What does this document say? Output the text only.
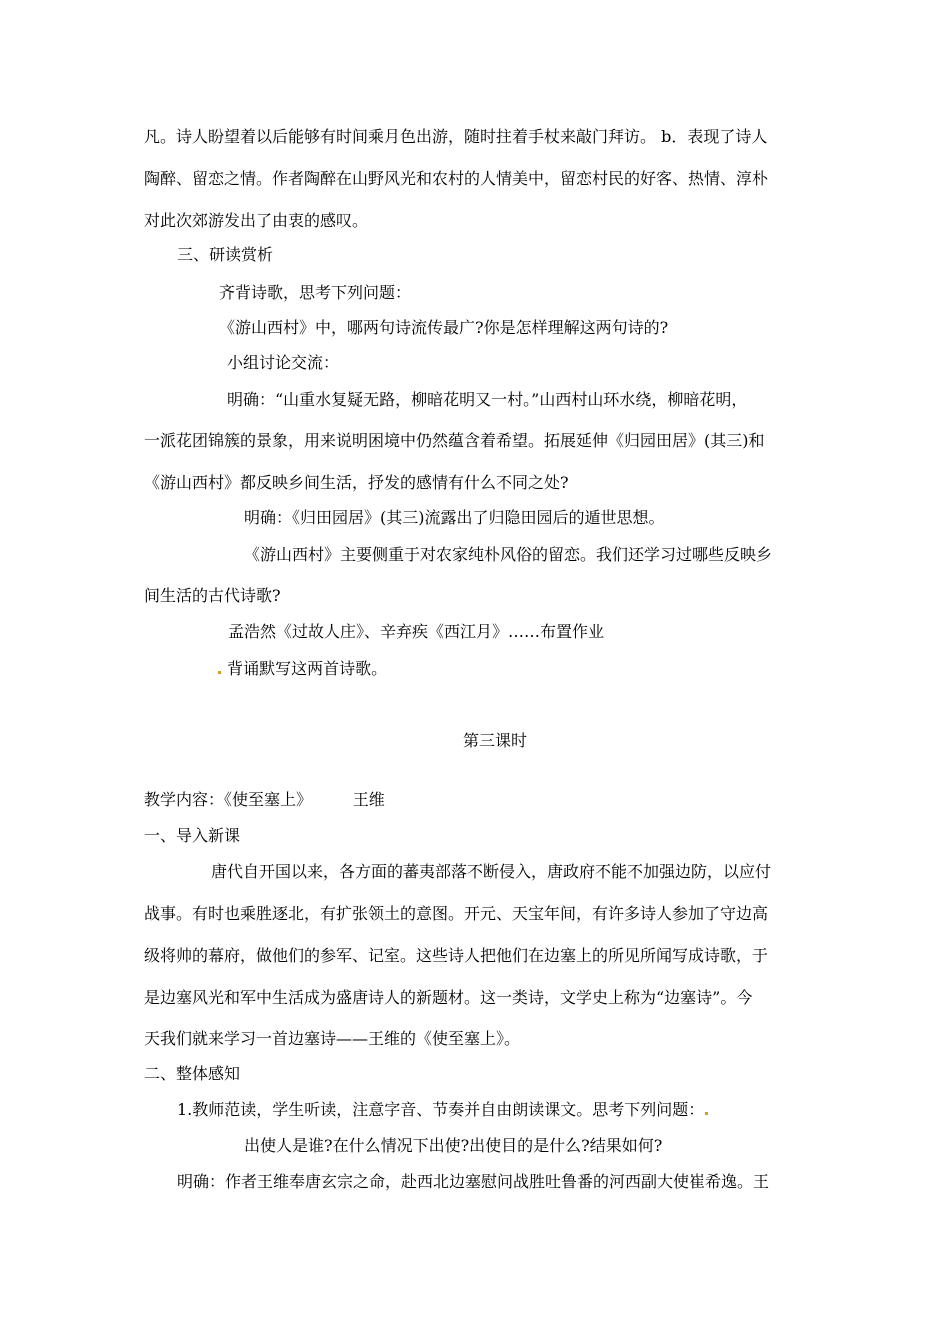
凡。诗人盼望着以后能够有时间乘月色出游，随时拄着手杖来敲门拜访。 b．表现了诗人
陶醉、留恋之情。作者陶醉在山野风光和农村的人情美中，留恋村民的好客、热情、淳朴
对此次郊游发出了由衷的感叹。
三、研读赏析
齐背诗歌，思考下列问题：
《游山西村》中，哪两句诗流传最广?你是怎样理解这两句诗的?
小组讨论交流：
明确：“山重水复疑无路，柳暗花明又一村。”山西村山环水绕，柳暗花明，
一派花团锦簇的景象，用来说明困境中仍然蕴含着希望。拓展延伸《归园田居》(其三)和
《游山西村》都反映乡间生活，抒发的感情有什么不同之处?
明确：《归田园居》(其三)流露出了归隐田园后的遁世思想。
《游山西村》主要侧重于对农家纯朴风俗的留恋。我们还学习过哪些反映乡
间生活的古代诗歌?
孟浩然《过故人庄》、辛弃疾《西江月》……布置作业
背诵默写这两首诗歌。
第三课时
教学内容：《使至塞上》        王维
一、导入新课
唐代自开国以来，各方面的蕃夷部落不断侵入，唐政府不能不加强边防，以应付
战事。有时也乘胜逐北，有扩张领土的意图。开元、天宝年间，有许多诗人参加了守边高
级将帅的幕府，做他们的参军、记室。这些诗人把他们在边塞上的所见所闻写成诗歌，于
是边塞风光和军中生活成为盛唐诗人的新题材。这一类诗，文学史上称为“边塞诗”。今
天我们就来学习一首边塞诗——王维的《使至塞上》。
二、整体感知
1.教师范读，学生听读，注意字音、节奏并自由朗读课文。思考下列问题：
出使人是谁?在什么情况下出使?出使目的是什么?结果如何?
明确：作者王维奉唐玄宗之命，赴西北边塞慰问战胜吐鲁番的河西副大使崔希逸。王
